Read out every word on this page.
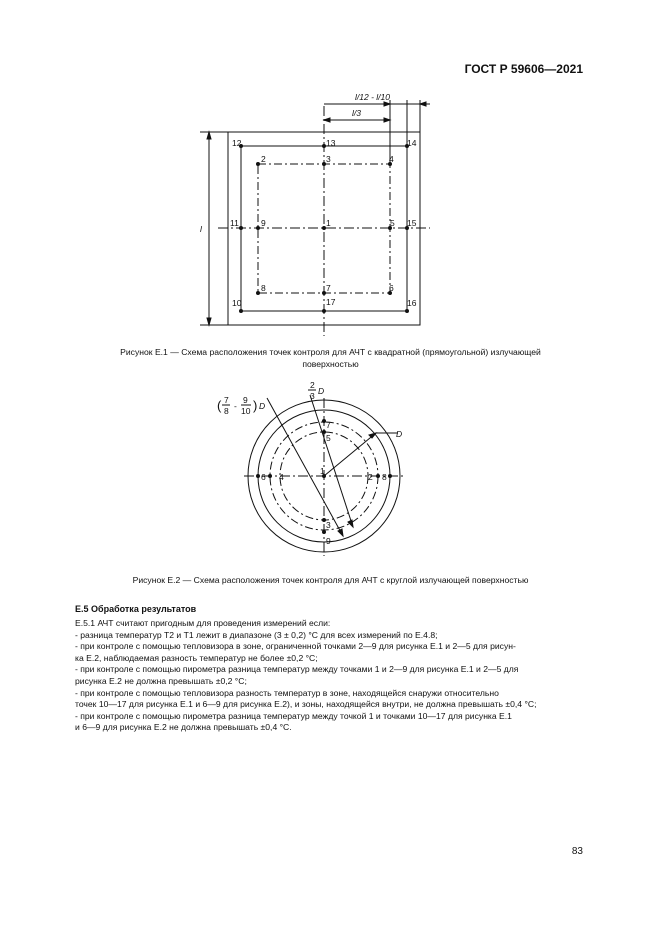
ГОСТ Р 59606—2021
l/12 - l/10
l/3
l
12	13	14
2	3	4
11	9	1	5 15
8	7	6
10	17	16
Рисунок Е.1 — Схема расположения точек контроля для АЧТ с квадратной (прямоугольной) излучающей
поверхностью
2
3 D
( 7
8 -
9
10 ) D
D
7
5
6 4
1
2 8
3
9
Рисунок Е.2 — Схема расположения точек контроля для АЧТ с круглой излучающей поверхностью
Е.5 Обработка результатов

Е.5.1 АЧТ считают пригодным для проведения измерений если:

- разница температур T2 и T1 лежит в диапазоне (3 ± 0,2) °С для всех измерений по Е.4.8;

- при контроле с помощью тепловизора в зоне, ограниченной точками 2—9 для рисунка Е.1 и 2—5 для рисун-

ка Е.2, наблюдаемая разность температур не более ±0,2 °С;

- при контроле с помощью пирометра разница температур между точками 1 и 2—9 для рисунка Е.1 и 2—5 для

рисунка Е.2 не должна превышать ±0,2 °С;

- при контроле с помощью тепловизора разность температур в зоне, находящейся снаружи относительно

точек 10—17 для рисунка Е.1 и 6—9 для рисунка Е.2), и зоны, находящейся внутри, не должна превышать ±0,4 °С;

- при контроле с помощью пирометра разница температур между точкой 1 и точками 10—17 для рисунка Е.1

и 6—9 для рисунка Е.2 не должна превышать ±0,4 °С.

83
